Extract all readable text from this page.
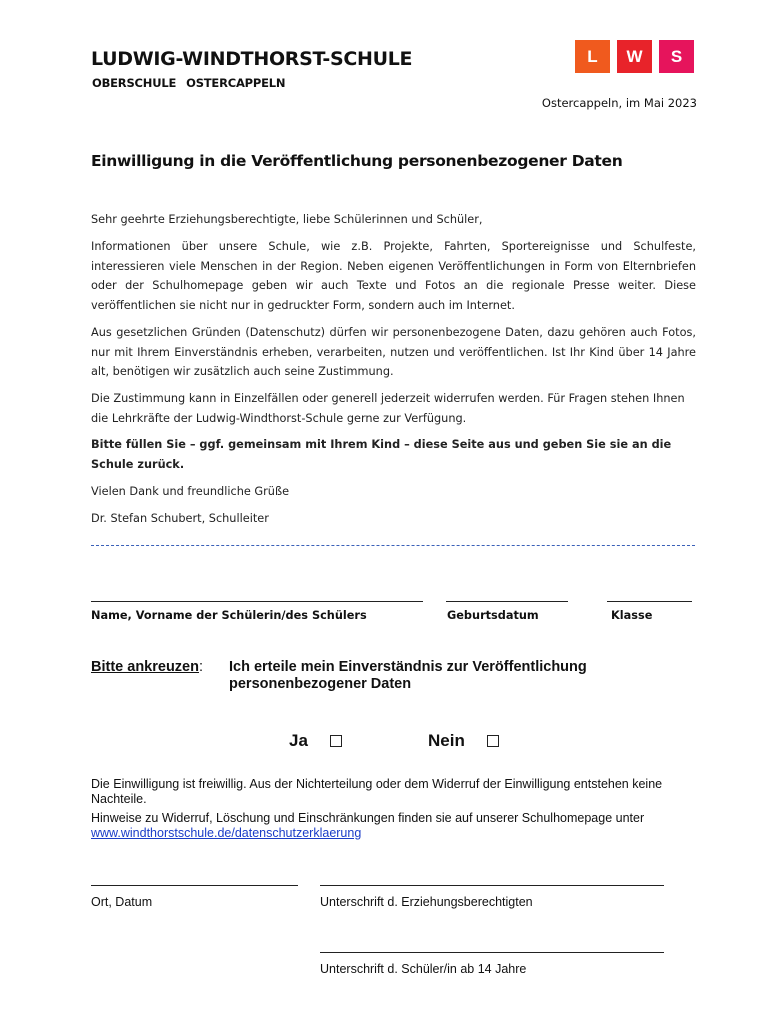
LUDWIG-WINDTHORST-SCHULE
OBERSCHULE OSTERCAPPELN
L	W	S
Ostercappeln, im Mai 2023
Einwilligung in die Veröffentlichung personenbezogener Daten
Sehr geehrte Erziehungsberechtigte, liebe Schülerinnen und Schüler,
Informationen über unsere Schule, wie z.B. Projekte, Fahrten, Sportereignisse und Schulfeste, interessieren viele Menschen in der Region. Neben eigenen Veröffentlichungen in Form von Elternbriefen oder der Schulhomepage geben wir auch Texte und Fotos an die regionale Presse weiter. Diese veröffentlichen sie nicht nur in gedruckter Form, sondern auch im Internet.
Aus gesetzlichen Gründen (Datenschutz) dürfen wir personenbezogene Daten, dazu gehören auch Fotos, nur mit Ihrem Einverständnis erheben, verarbeiten, nutzen und veröffentlichen. Ist Ihr Kind über 14 Jahre alt, benötigen wir zusätzlich auch seine Zustimmung.
Die Zustimmung kann in Einzelfällen oder generell jederzeit widerrufen werden. Für Fragen stehen Ihnen die Lehrkräfte der Ludwig-Windthorst-Schule gerne zur Verfügung.
Bitte füllen Sie – ggf. gemeinsam mit Ihrem Kind – diese Seite aus und geben Sie sie an die Schule zurück.
Vielen Dank und freundliche Grüße
Dr. Stefan Schubert, Schulleiter
Name, Vorname der Schülerin/des Schülers	Geburtsdatum	Klasse
Bitte ankreuzen: Ich erteile mein Einverständnis zur Veröffentlichung
personenbezogener Daten
Ja	Nein
Die Einwilligung ist freiwillig. Aus der Nichterteilung oder dem Widerruf der Einwilligung entstehen keine Nachteile.
Hinweise zu Widerruf, Löschung und Einschränkungen finden sie auf unserer Schulhomepage unter
www.windthorstschule.de/datenschutzerklaerung
Ort, Datum	Unterschrift d. Erziehungsberechtigten
Unterschrift d. Schüler/in ab 14 Jahre
